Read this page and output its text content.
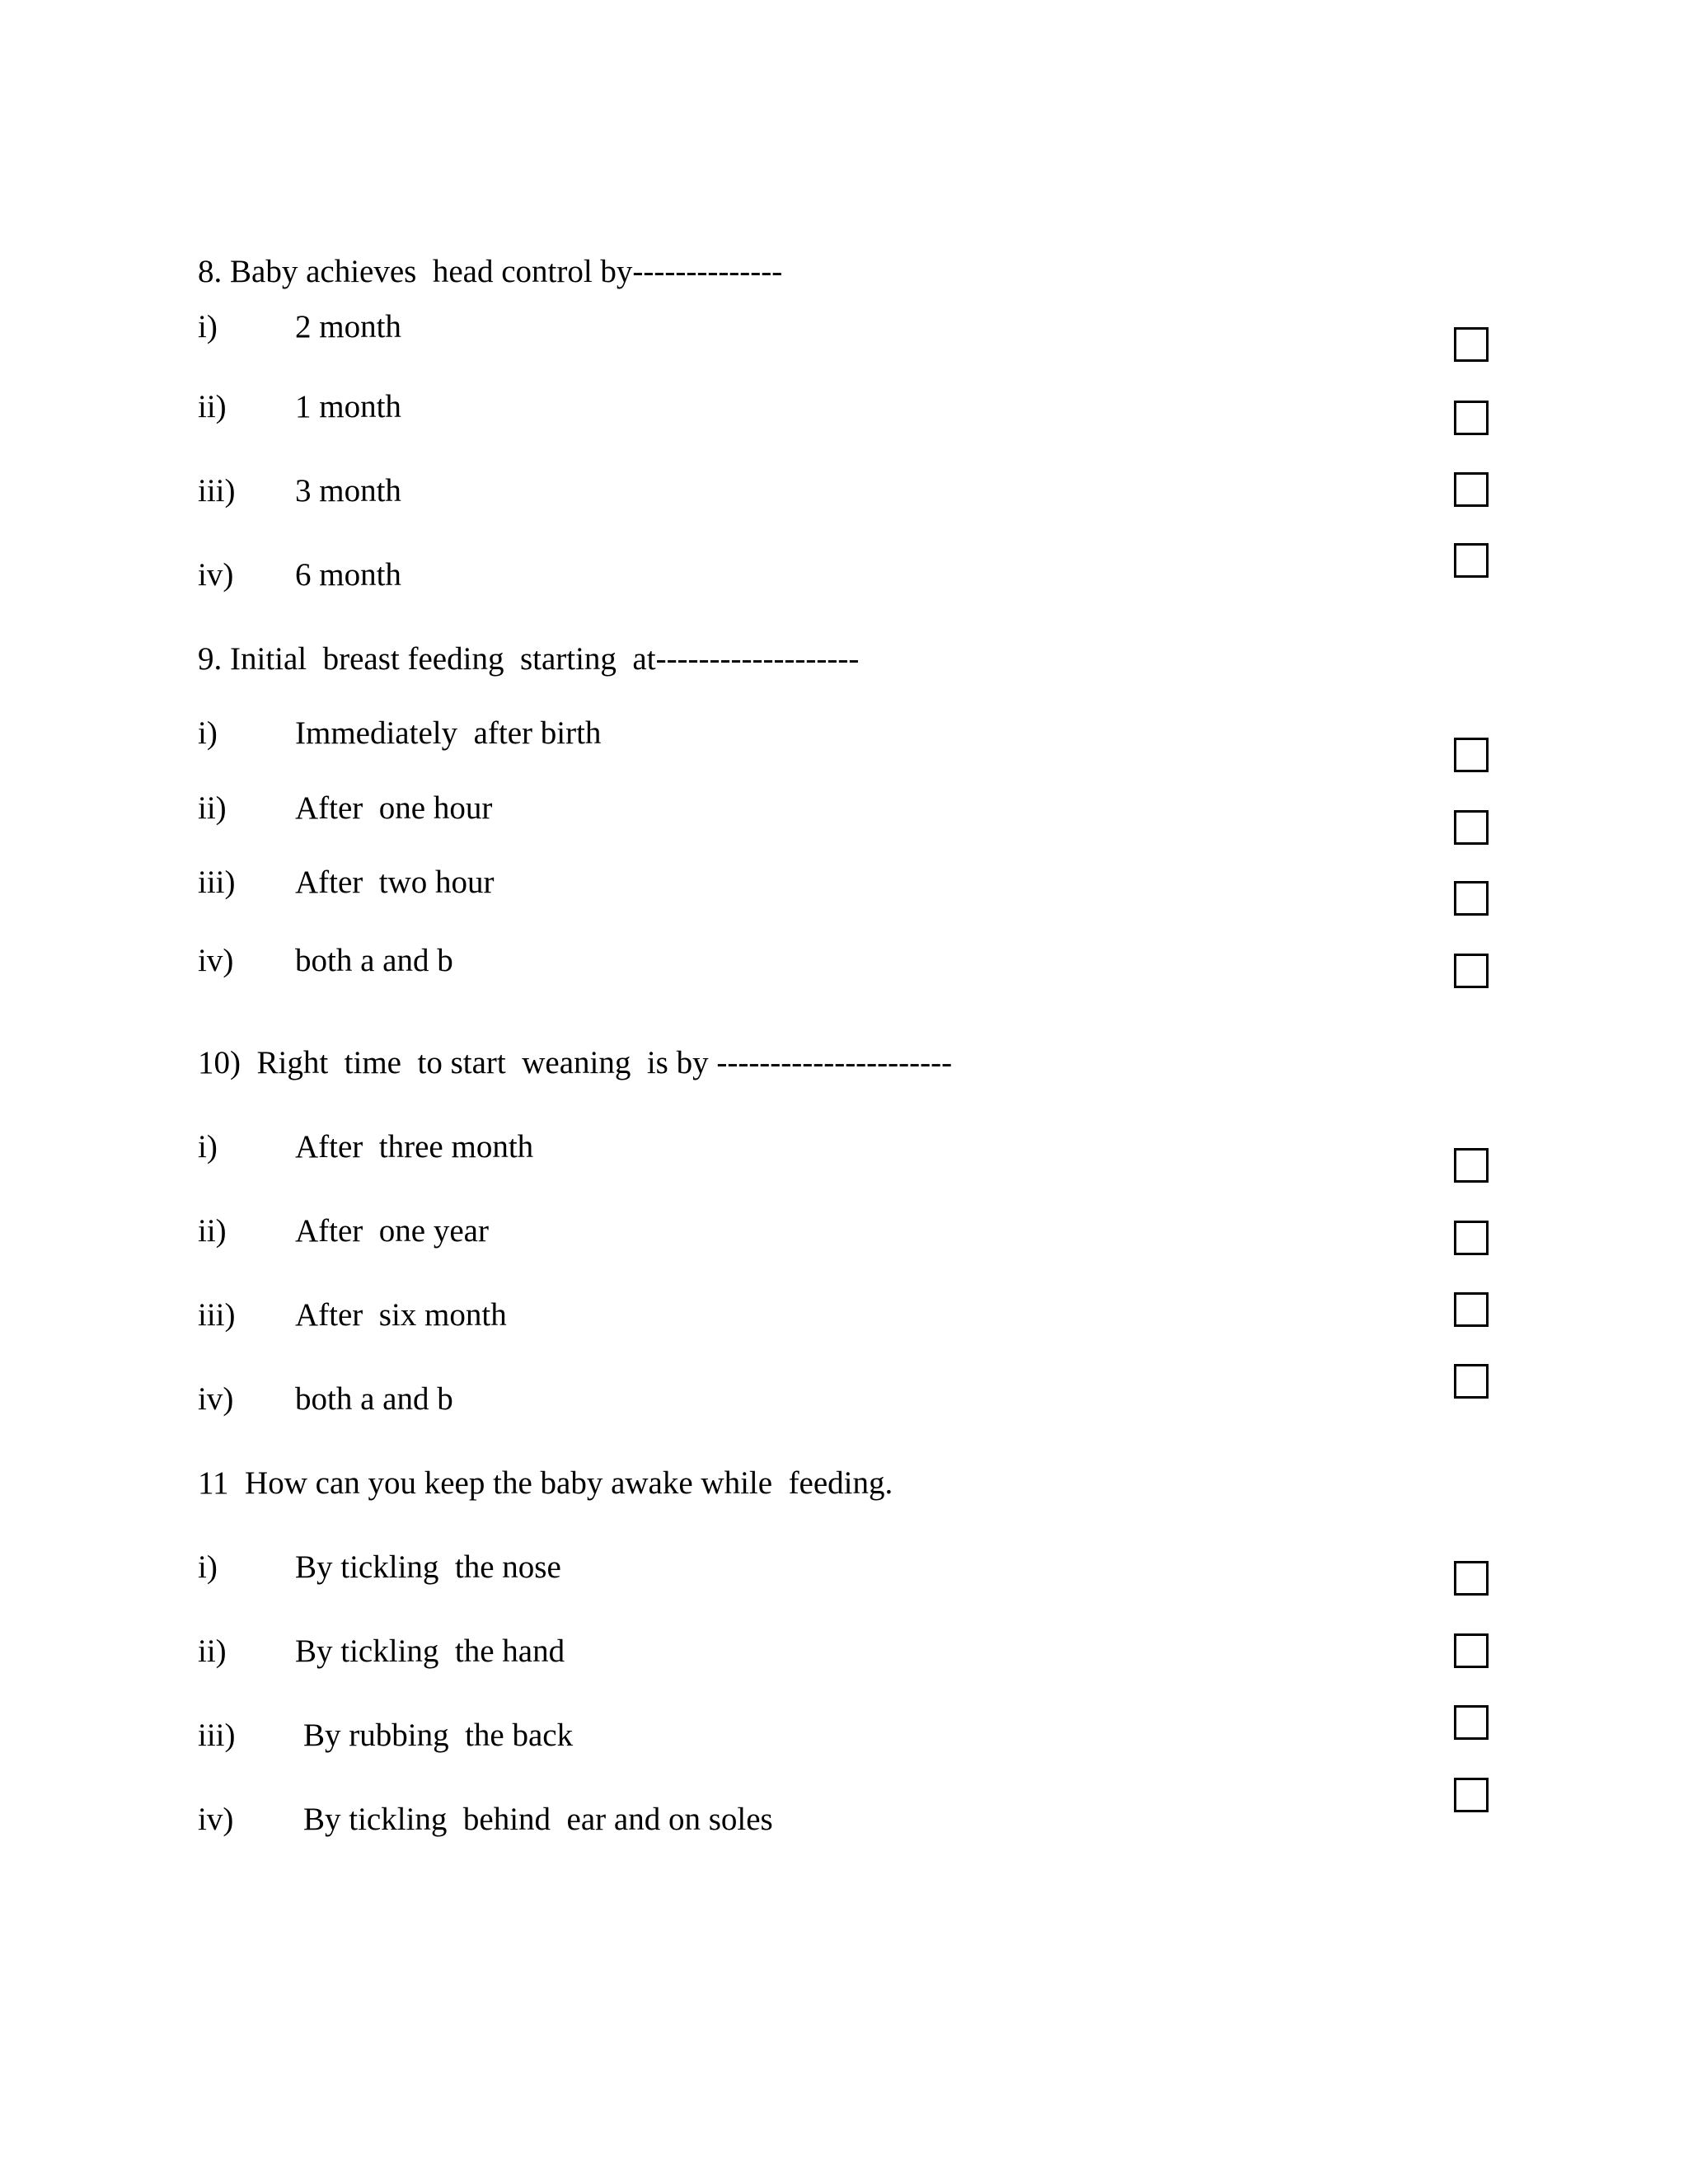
8. Baby achieves  head control by--------------
i) 2 month
ii) 1 month
iii) 3 month
iv) 6 month
9. Initial  breast feeding  starting  at-------------------
i) Immediately  after birth
ii) After  one hour
iii) After  two hour
iv) both a and b
10)  Right  time  to start  weaning  is by ----------------------
i) After  three month
ii) After  one year
iii) After  six month
iv) both a and b
11  How can you keep the baby awake while  feeding.
i) By tickling  the nose
ii) By tickling  the hand
iii) By rubbing  the back
iv) By tickling  behind  ear and on soles
